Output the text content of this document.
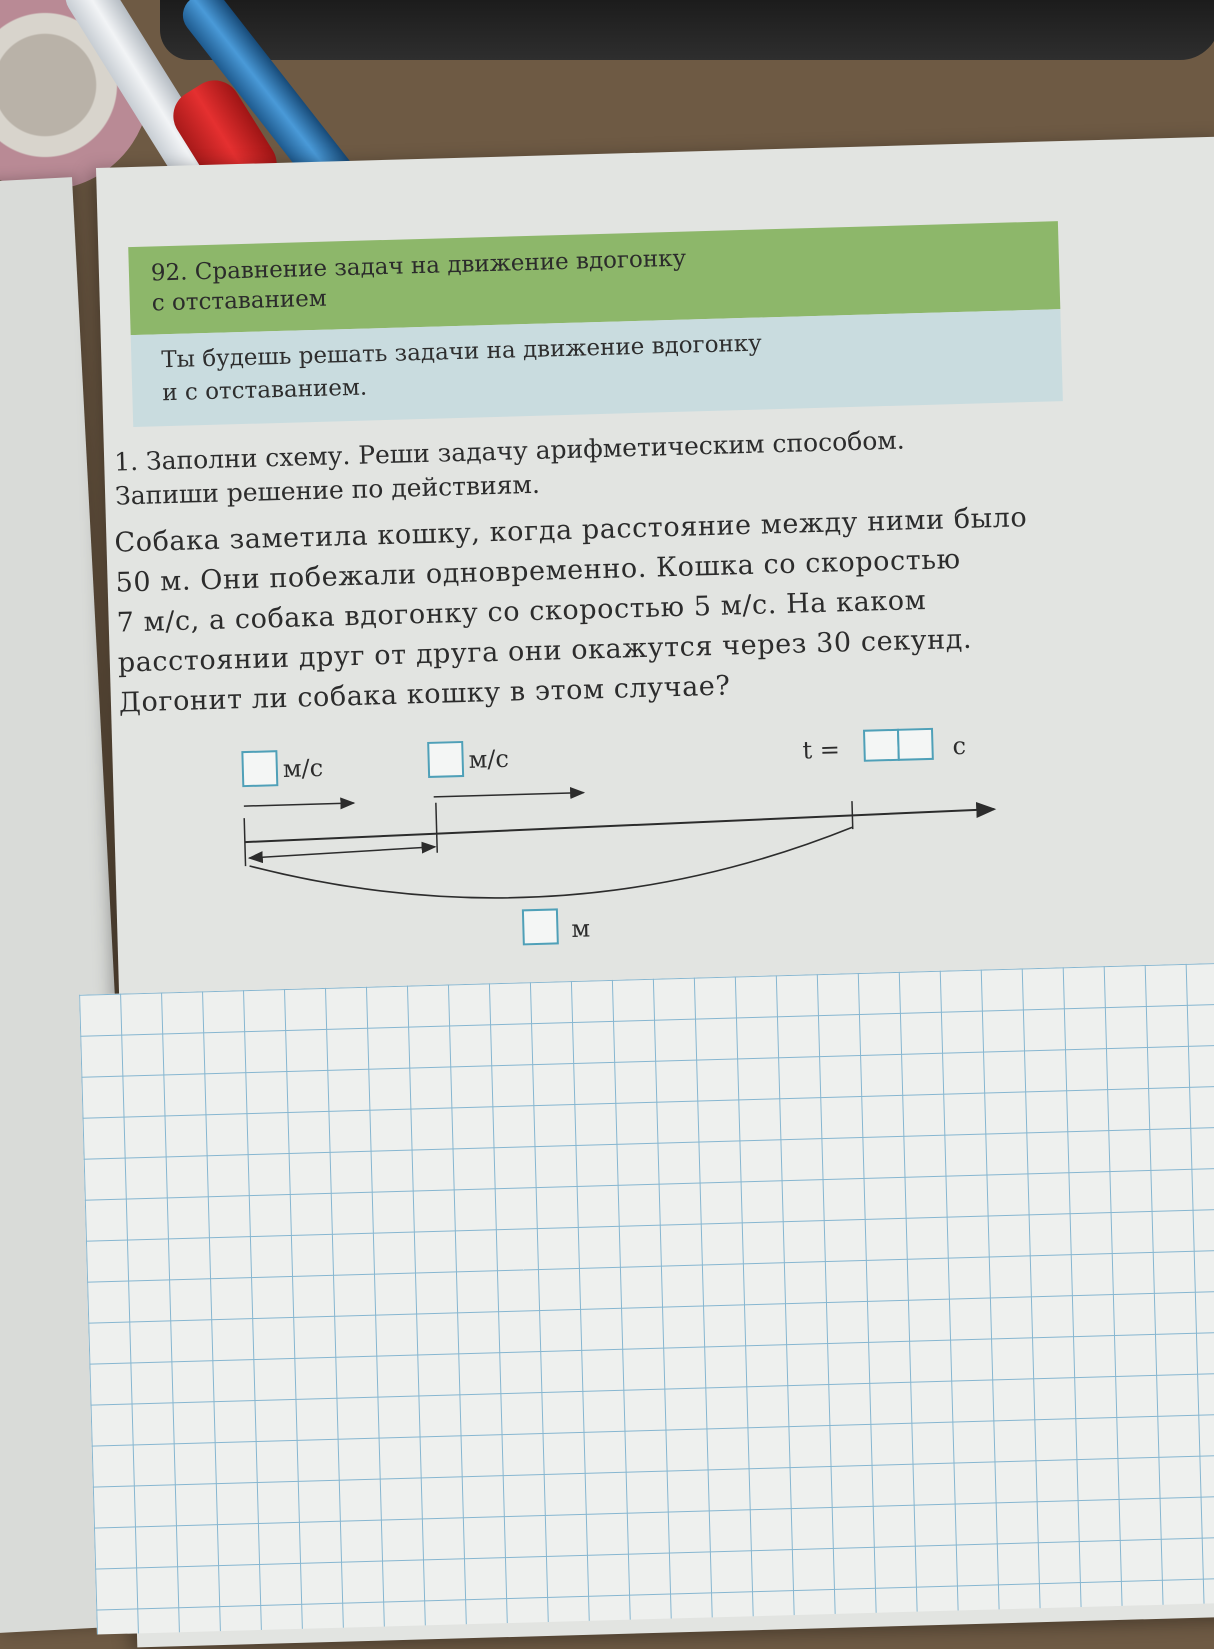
92. Сравнение задач на движение вдогонку
с отставанием

Ты будешь решать задачи на движение вдогонку
и с отставанием.

1. Заполни схему. Реши задачу арифметическим способом.
Запиши решение по действиям.

Собака заметила кошку, когда расстояние между ними было
50 м. Они побежали одновременно. Кошка со скоростью
7 м/с, а собака вдогонку со скоростью 5 м/с. На каком
расстоянии друг от друга они окажутся через 30 секунд.
Догонит ли собака кошку в этом случае?

м/с	м/с	t =	с
м
